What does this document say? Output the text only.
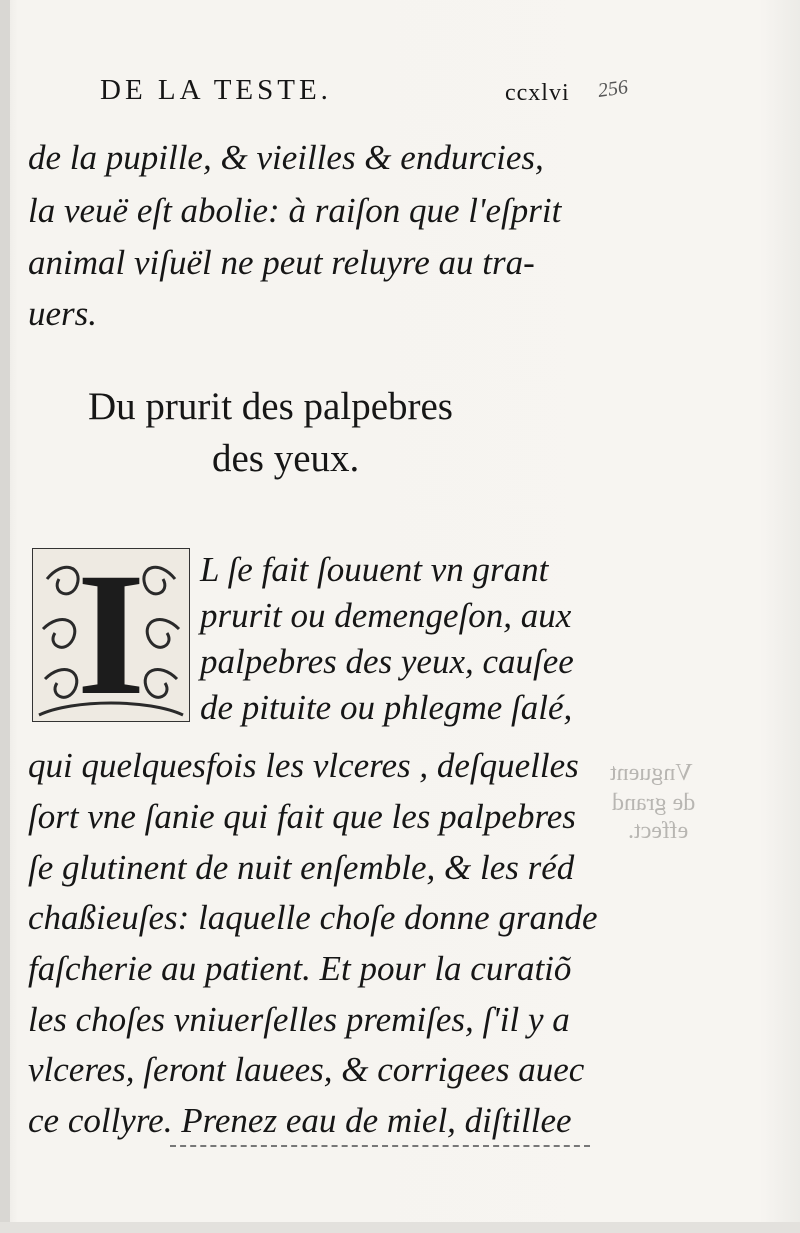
Vnguent
de grand
effect.
DE LA TESTE.	ccxlvi 256
de la pupille, & vieilles & endurcies,
la veuë eſt abolie: à raiſon que l'eſprit
animal viſuël ne peut reluyre au tra-
uers.
Du prurit des palpebres
des yeux.
I	L ſe fait ſouuent vn grant
prurit ou demengeſon, aux
palpebres des yeux, cauſee
de pituite ou phlegme ſalé,
qui quelquesfois les vlceres , deſquelles
ſort vne ſanie qui fait que les palpebres
ſe glutinent de nuit enſemble, & les réd
chaßieuſes: laquelle choſe donne grande
faſcherie au patient. Et pour la curatiõ
les choſes vniuerſelles premiſes, ſ'il y a
vlceres, ſeront lauees, & corrigees auec
ce collyre. Prenez eau de miel, diſtillee
